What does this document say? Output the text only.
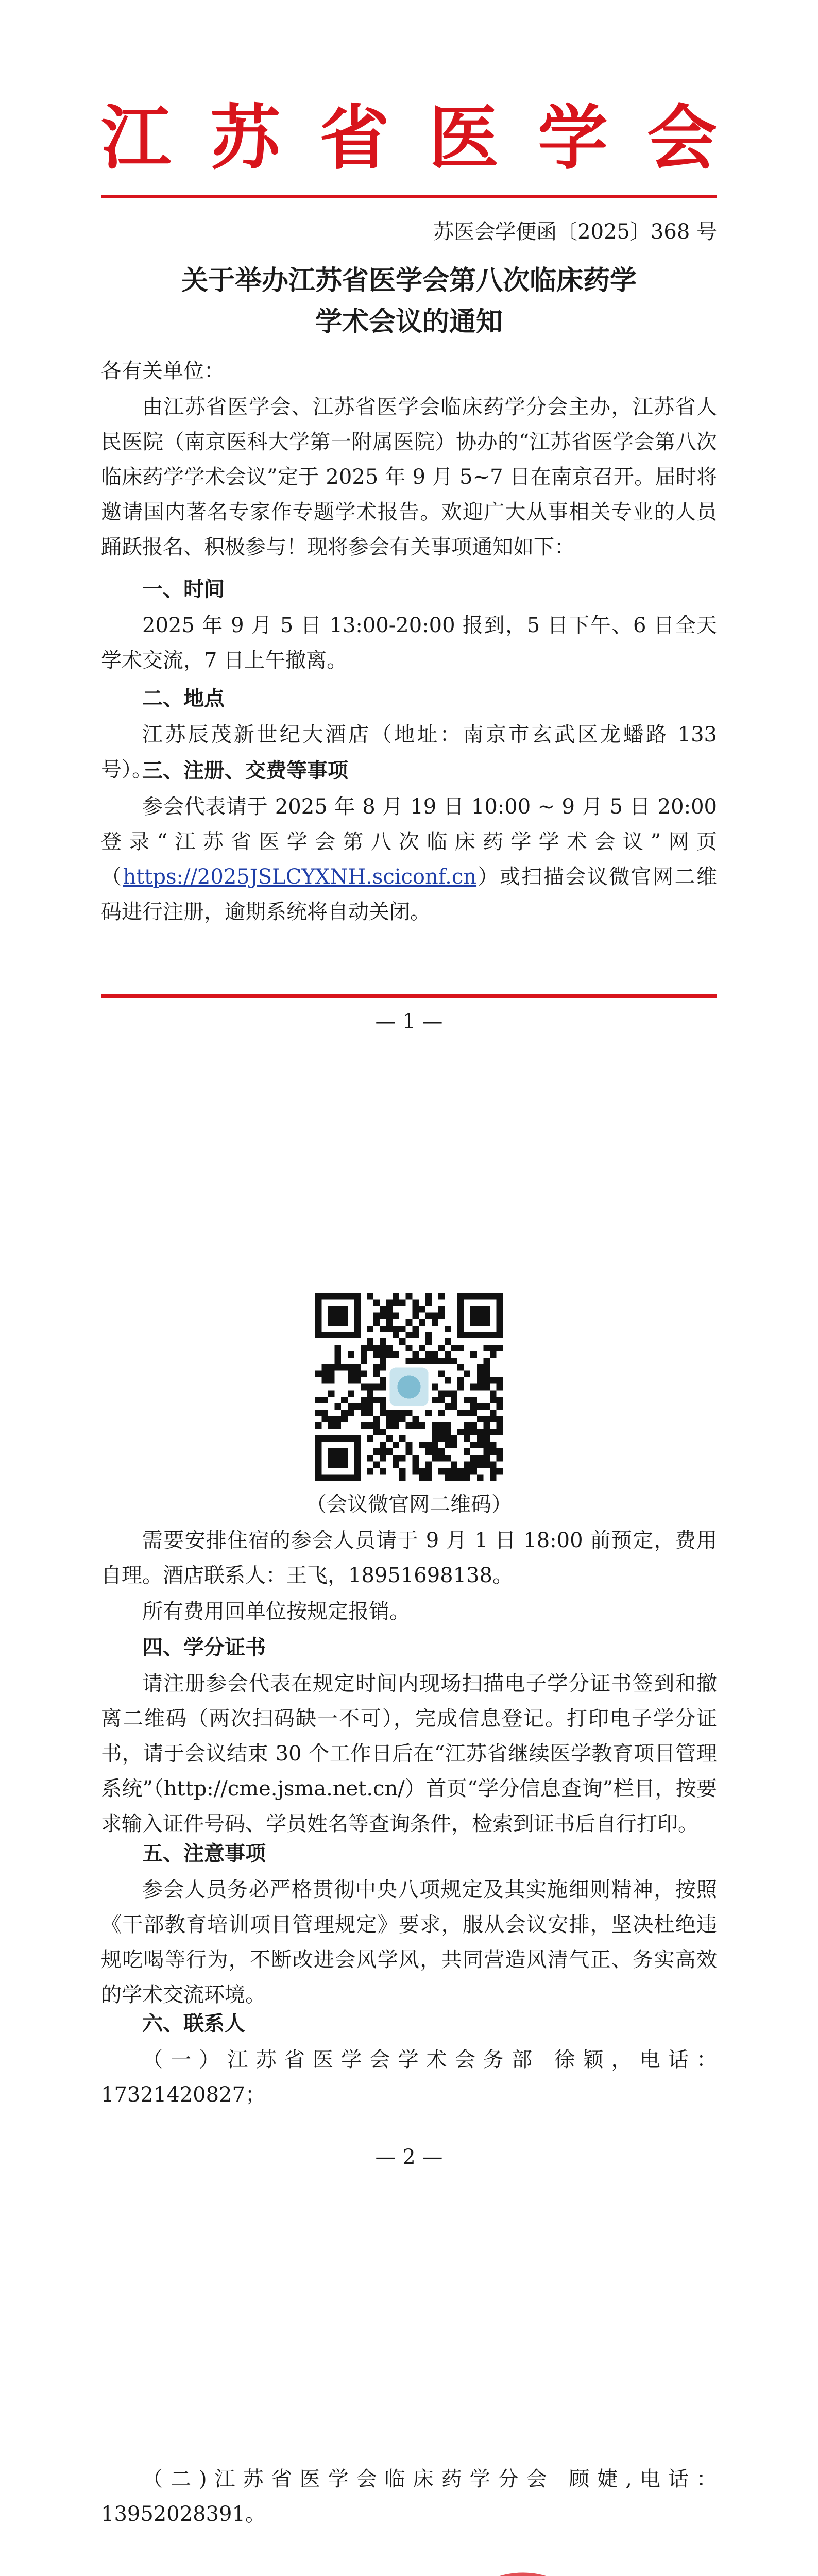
江 苏 省 医 学 会
苏医会学便函〔2025〕368 号
关于举办江苏省医学会第八次临床药学
学术会议的通知
各有关单位：
由江苏省医学会、江苏省医学会临床药学分会主办，江苏省人民医院（南京医科大学第一附属医院）协办的“江苏省医学会第八次临床药学学术会议”定于 2025 年 9 月 5~7 日在南京召开。届时将邀请国内著名专家作专题学术报告。欢迎广大从事相关专业的人员踊跃报名、积极参与！现将参会有关事项通知如下：
一、时间
2025 年 9 月 5 日 13:00-20:00 报到，5 日下午、6 日全天学术交流，7 日上午撤离。
二、地点
江苏辰茂新世纪大酒店（地址：南京市玄武区龙蟠路 133 号）。
三、注册、交费等事项
参会代表请于 2025 年 8 月 19 日 10:00 ~ 9 月 5 日 20:00 登录“江苏省医学会第八次临床药学学术会议”网页（https://2025JSLCYXNH.sciconf.cn）或扫描会议微官网二维码进行注册，逾期系统将自动关闭。
— 1 —
（会议微官网二维码）
需要安排住宿的参会人员请于 9 月 1 日 18:00 前预定，费用自理。酒店联系人：王飞，18951698138。
所有费用回单位按规定报销。
四、学分证书
请注册参会代表在规定时间内现场扫描电子学分证书签到和撤离二维码（两次扫码缺一不可），完成信息登记。打印电子学分证书，请于会议结束 30 个工作日后在“江苏省继续医学教育项目管理系统”（http://cme.jsma.net.cn/）首页“学分信息查询”栏目，按要求输入证件号码、学员姓名等查询条件，检索到证书后自行打印。
五、注意事项
参会人员务必严格贯彻中央八项规定及其实施细则精神，按照《干部教育培训项目管理规定》要求，服从会议安排，坚决杜绝违规吃喝等行为，不断改进会风学风，共同营造风清气正、务实高效的学术交流环境。
六、联系人
（一）江苏省医学会学术会务部 徐颖，电话：17321420827；
— 2 —
（二)江苏省医学会临床药学分会 顾婕,电话：13952028391。
